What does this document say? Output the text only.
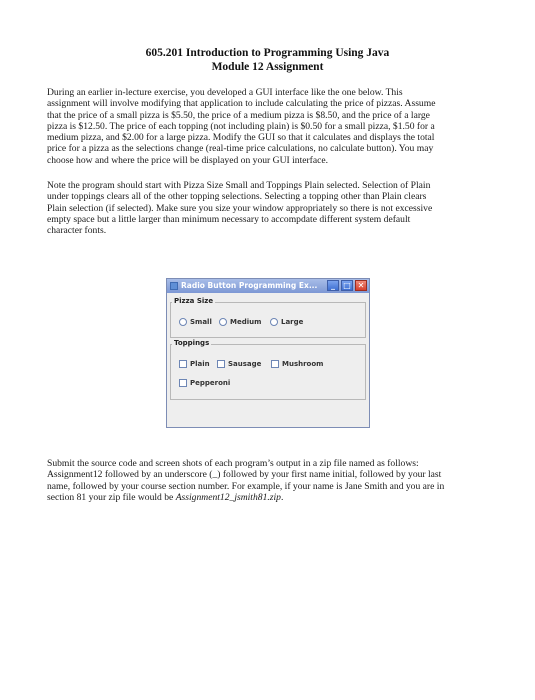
605.201 Introduction to Programming Using Java
Module 12 Assignment
During an earlier in-lecture exercise, you developed a GUI interface like the one below. This
assignment will involve modifying that application to include calculating the price of pizzas. Assume
that the price of a small pizza is $5.50, the price of a medium pizza is $8.50, and the price of a large
pizza is $12.50. The price of each topping (not including plain) is $0.50 for a small pizza, $1.50 for a
medium pizza, and $2.00 for a large pizza. Modify the GUI so that it calculates and displays the total
price for a pizza as the selections change (real-time price calculations, no calculate button). You may
choose how and where the price will be displayed on your GUI interface.
Note the program should start with Pizza Size Small and Toppings Plain selected. Selection of Plain
under toppings clears all of the other topping selections. Selecting a topping other than Plain clears
Plain selection (if selected). Make sure you size your window appropriately so there is not excessive
empty space but a little larger than minimum necessary to accompdate different system default
character fonts.
Radio Button Programming Ex...	_	□ ✕
Pizza Size
Small	Medium	Large
Toppings
Plain	Sausage	Mushroom
Pepperoni
Submit the source code and screen shots of each program’s output in a zip file named as follows:
Assignment12 followed by an underscore (_) followed by your first name initial, followed by your last
name, followed by your course section number. For example, if your name is Jane Smith and you are in
section 81 your zip file would be Assignment12_jsmith81.zip.
